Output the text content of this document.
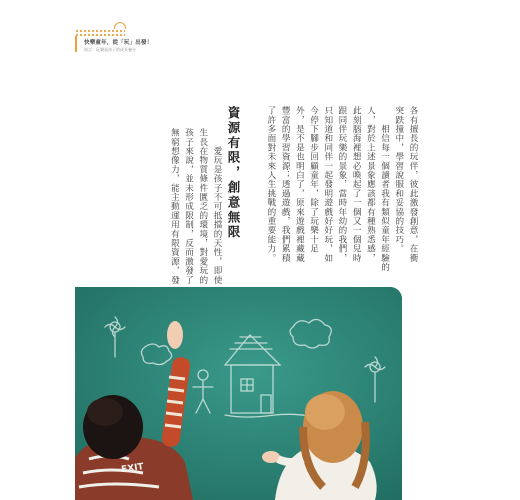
快樂童年，從「玩」出發！
前言：玩樂是孩子的成長養分
各有擅長的玩伴，彼此激發創意，在衝
突跌撞中，學習說服和妥協的技巧。
　　相信每一個讀者我有類似童年經驗的
人，對於上述景象應該都有種熟悉感，
此刻腦海裡想必喚起了一個又一個兒時
跟同伴玩樂的景象，當時年幼的我們，
只知道和同伴一起發明遊戲好好玩，如
今停下腳步回顧童年，除了玩樂十足
外，是不是也明白了，原來遊戲裡藏藏
豐富的學習資源；透過遊戲，我們累積
了許多面對未來人生挑戰的重要能力。
資源有限，創意無限
　　愛玩是孩子不可抵擋的天性，即使
生長在物質條件匱乏的環境，對愛玩的
孩子來說，並未形成限制，反而激發了
無窮想像力，能主動運用有限資源，發
EXIT
